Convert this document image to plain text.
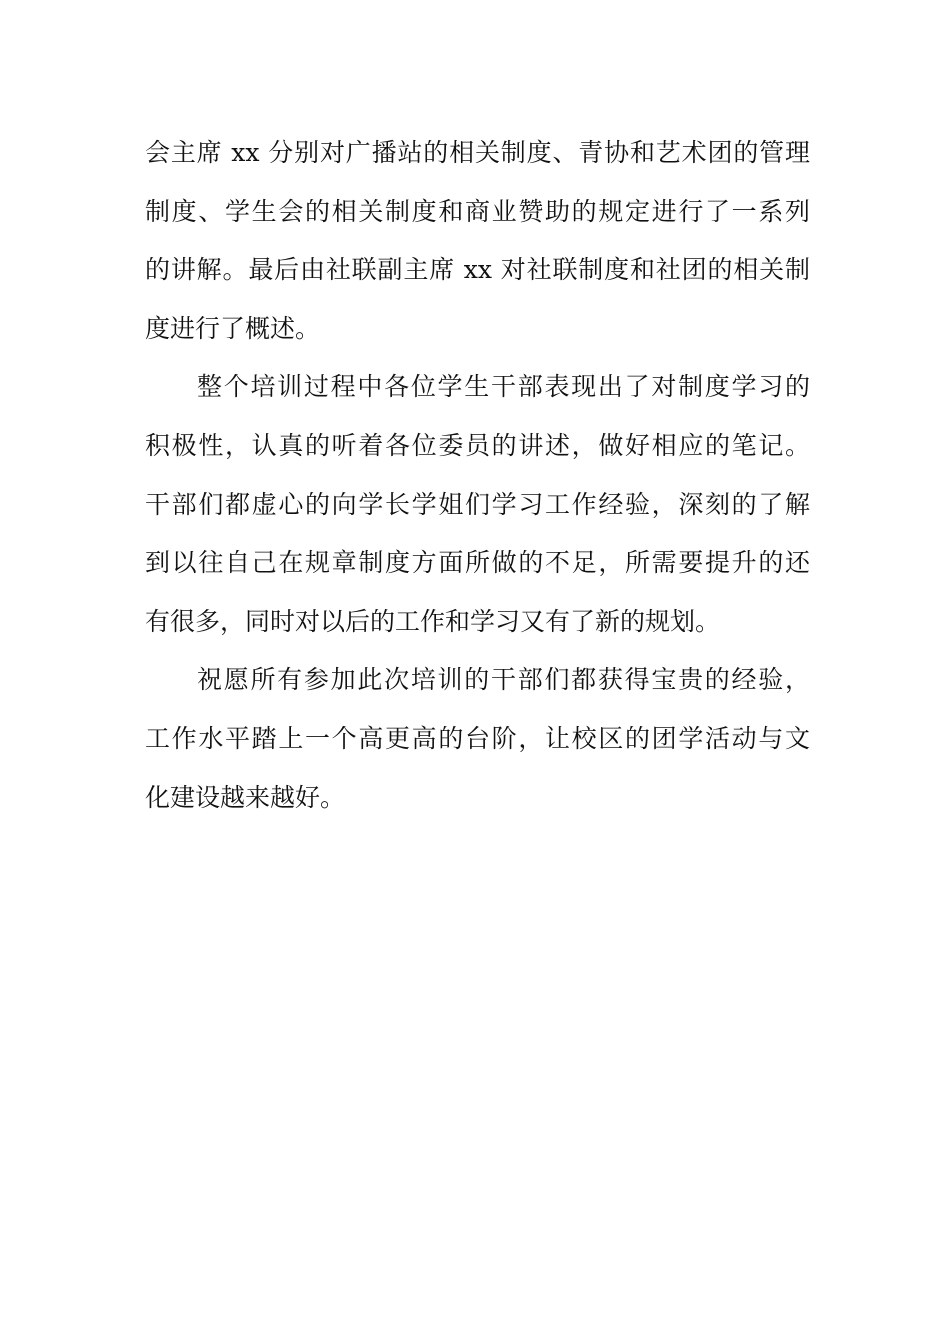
会主席 xx 分别对广播站的相关制度、青协和艺术团的管理
制度、学生会的相关制度和商业赞助的规定进行了一系列
的讲解。最后由社联副主席 xx 对社联制度和社团的相关制
度进行了概述。
整个培训过程中各位学生干部表现出了对制度学习的
积极性，认真的听着各位委员的讲述，做好相应的笔记。
干部们都虚心的向学长学姐们学习工作经验，深刻的了解
到以往自己在规章制度方面所做的不足，所需要提升的还
有很多，同时对以后的工作和学习又有了新的规划。
祝愿所有参加此次培训的干部们都获得宝贵的经验，
工作水平踏上一个高更高的台阶，让校区的团学活动与文
化建设越来越好。
